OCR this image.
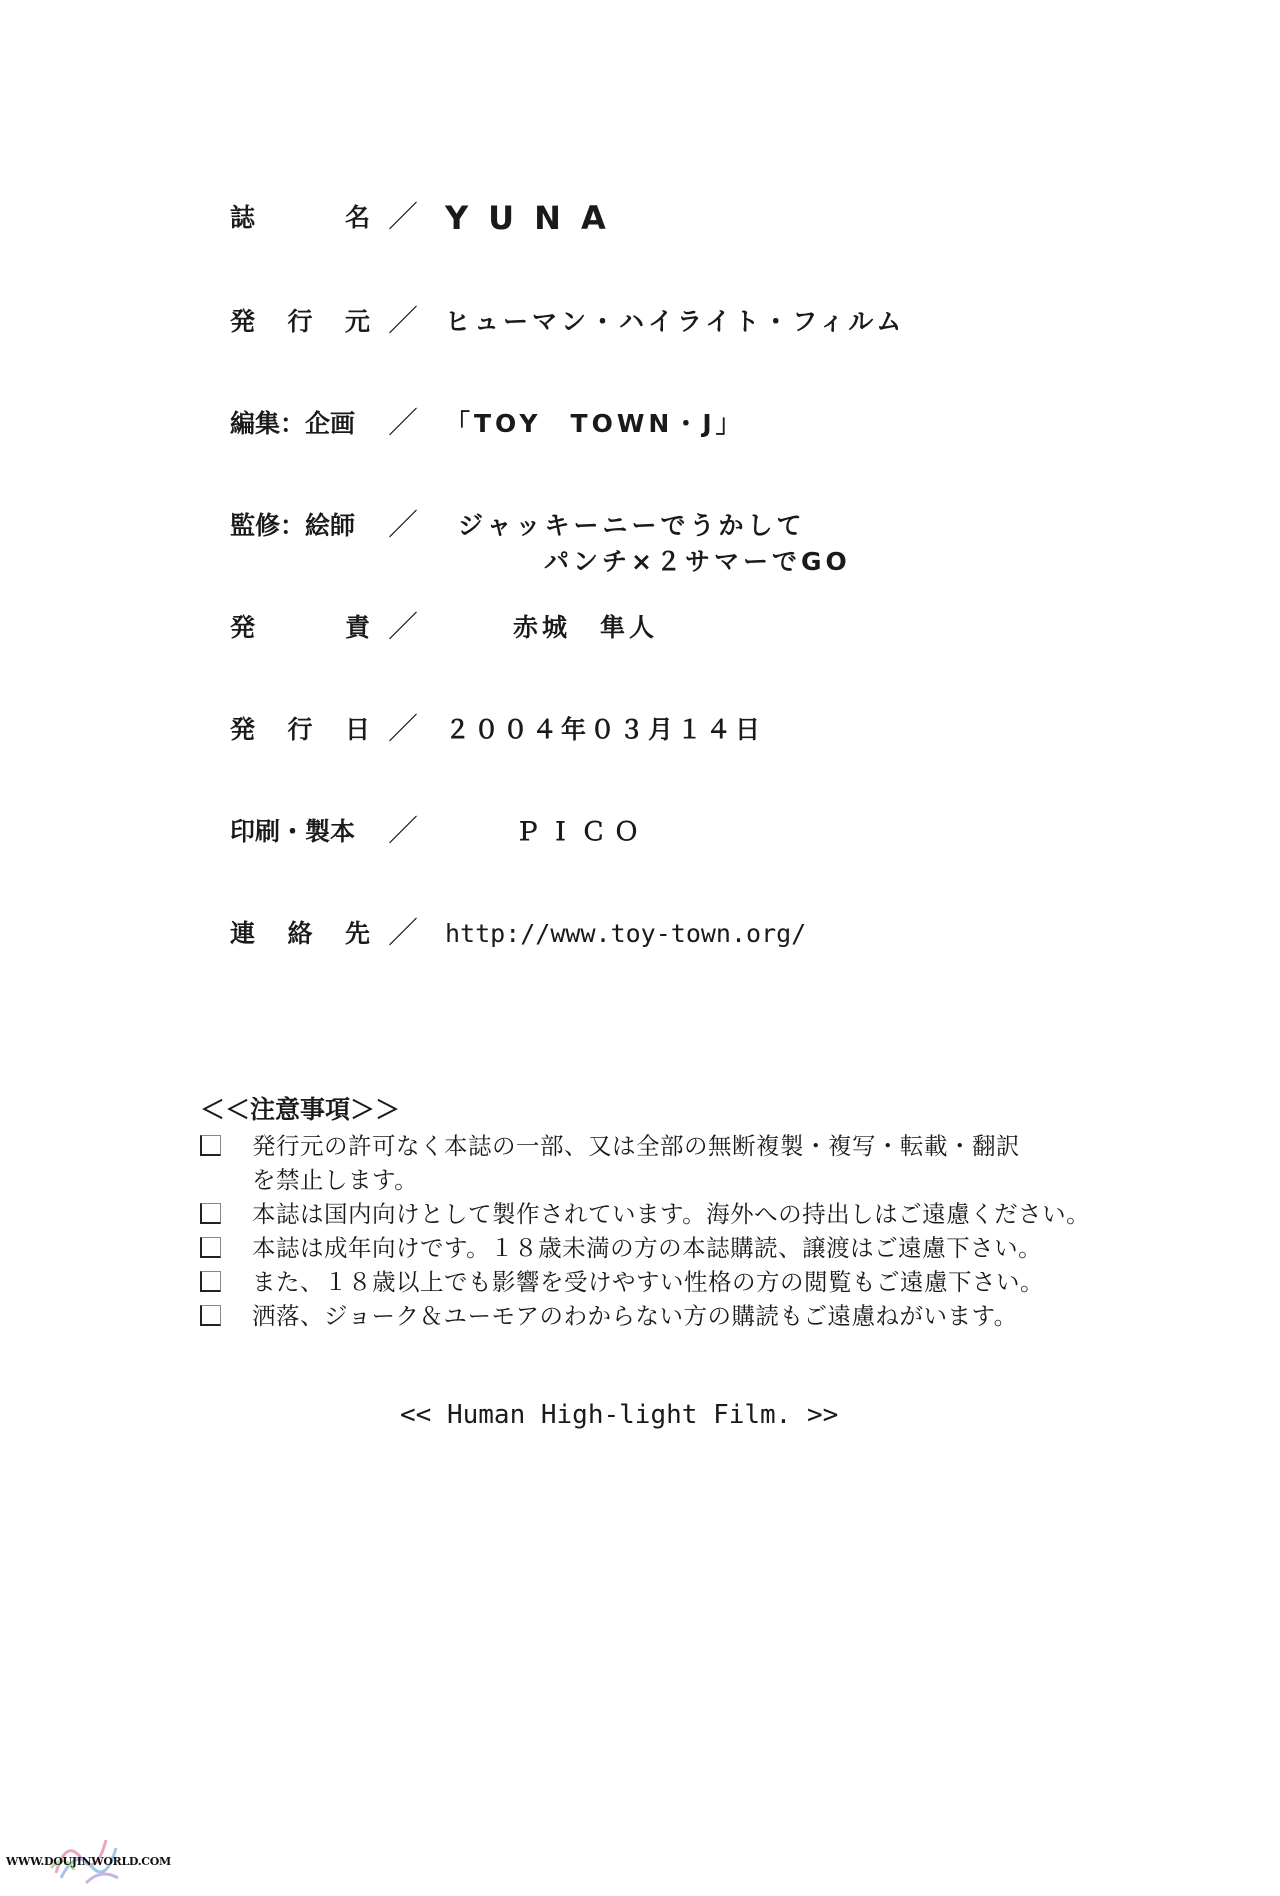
誌	名 ／ YUNA
発 行 元 ／	ヒューマン・ハイライト・フィルム
編集：企画 ／	「TOY　TOWN・J」
監修：絵師 ／	ジャッキーニーでうかして
パンチ×２サマーでGO
発	責 ／	赤城　隼人
発 行 日 ／	２００４年０３月１４日
印刷・製本 ／	ＰＩＣＯ
連 絡 先 ／	http://www.toy-town.org/
＜＜注意事項＞＞
発行元の許可なく本誌の一部、又は全部の無断複製・複写・転載・翻訳
を禁止します。
本誌は国内向けとして製作されています。海外への持出しはご遠慮ください。
本誌は成年向けです。１８歳未満の方の本誌購読、譲渡はご遠慮下さい。
また、１８歳以上でも影響を受けやすい性格の方の閲覧もご遠慮下さい。
洒落、ジョーク＆ユーモアのわからない方の購読もご遠慮ねがいます。
<< Human High-light Film. >>
WWW.DOUJINWORLD.COM
